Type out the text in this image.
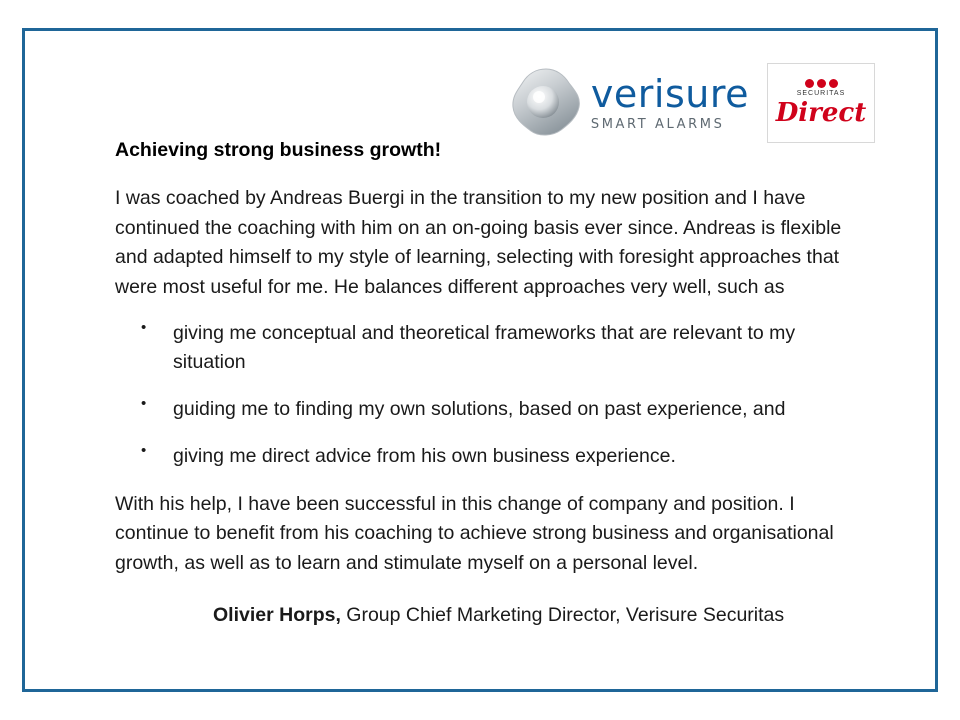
verisure
SMART ALARMS
SECURITAS
Direct
Achieving strong business growth!

I was coached by Andreas Buergi in the transition to my new position and I have continued the coaching with him on an on-going basis ever since. Andreas is flexible and adapted himself to my style of learning, selecting with foresight approaches that were most useful for me. He balances different approaches very well, such as

• giving me conceptual and theoretical frameworks that are relevant to my situation
• guiding me to finding my own solutions, based on past experience, and
• giving me direct advice from his own business experience.

With his help, I have been successful in this change of company and position. I continue to benefit from his coaching to achieve strong business and organisational growth, as well as to learn and stimulate myself on a personal level.

Olivier Horps, Group Chief Marketing Director, Verisure Securitas
